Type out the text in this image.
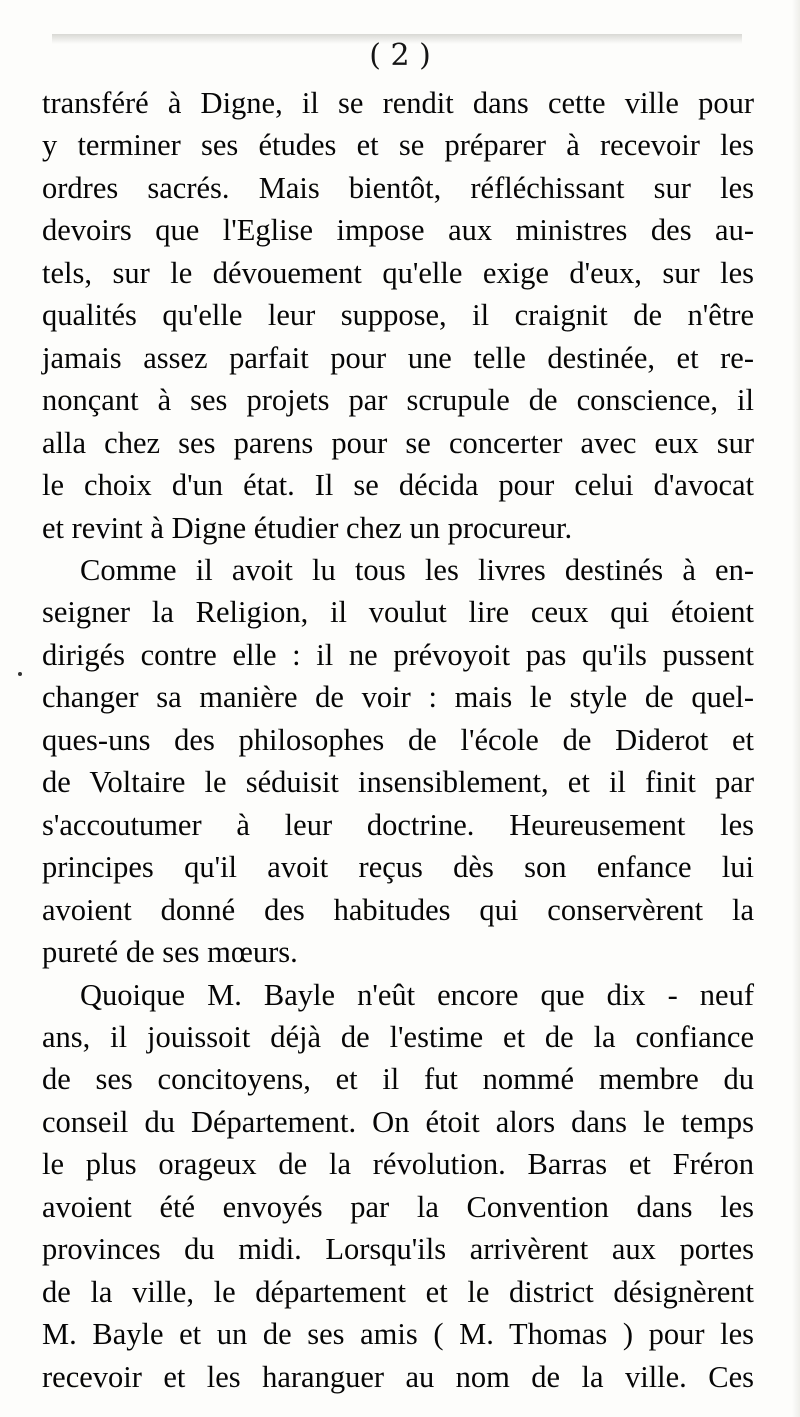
( 2 )

transféré à Digne, il se rendit dans cette ville pour
y terminer ses études et se préparer à recevoir les
ordres sacrés. Mais bientôt, réfléchissant sur les
devoirs que l'Eglise impose aux ministres des au-
tels, sur le dévouement qu'elle exige d'eux, sur les
qualités qu'elle leur suppose, il craignit de n'être
jamais assez parfait pour une telle destinée, et re-
nonçant à ses projets par scrupule de conscience, il
alla chez ses parens pour se concerter avec eux sur
le choix d'un état. Il se décida pour celui d'avocat
et revint à Digne étudier chez un procureur.

Comme il avoit lu tous les livres destinés à en-
seigner la Religion, il voulut lire ceux qui étoient
dirigés contre elle : il ne prévoyoit pas qu'ils pussent
changer sa manière de voir : mais le style de quel-
ques-uns des philosophes de l'école de Diderot et
de Voltaire le séduisit insensiblement, et il finit par
s'accoutumer à leur doctrine. Heureusement les
principes qu'il avoit reçus dès son enfance lui
avoient donné des habitudes qui conservèrent la
pureté de ses mœurs.

Quoique M. Bayle n'eût encore que dix - neuf
ans, il jouissoit déjà de l'estime et de la confiance
de ses concitoyens, et il fut nommé membre du
conseil du Département. On étoit alors dans le temps
le plus orageux de la révolution. Barras et Fréron
avoient été envoyés par la Convention dans les
provinces du midi. Lorsqu'ils arrivèrent aux portes
de la ville, le département et le district désignèrent
M. Bayle et un de ses amis ( M. Thomas ) pour les
recevoir et les haranguer au nom de la ville. Ces
